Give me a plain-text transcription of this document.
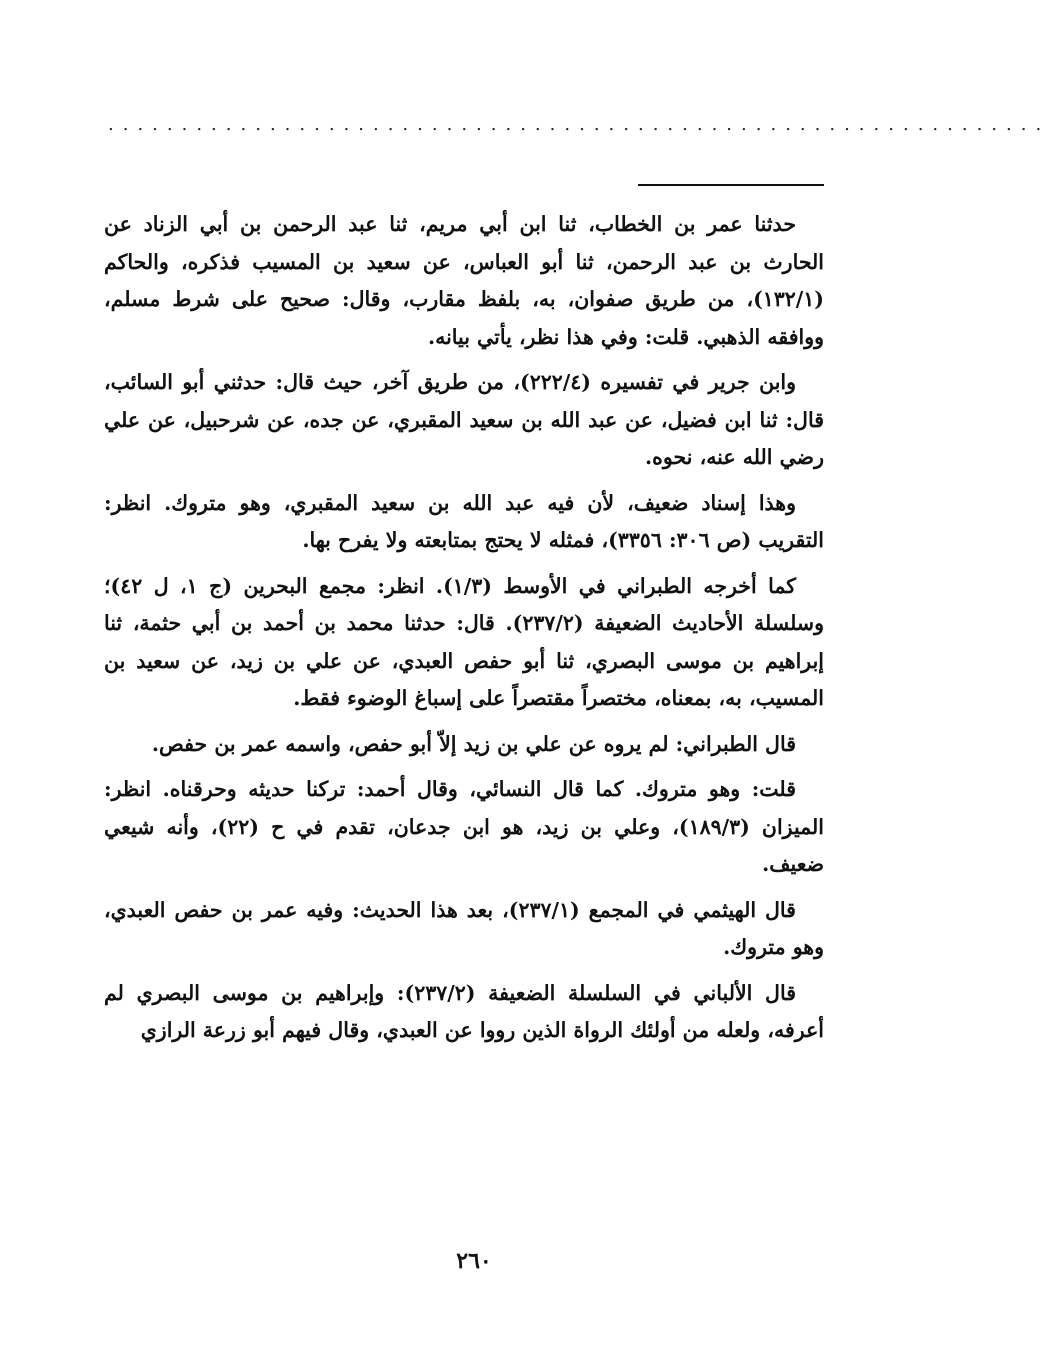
................................................................

حدثنا عمر بن الخطاب، ثنا ابن أبي مريم، ثنا عبد الرحمن بن أبي الزناد عن الحارث بن عبد الرحمن، ثنا أبو العباس، عن سعيد بن المسيب فذكره، والحاكم (١٣٢/١)، من طريق صفوان، به، بلفظ مقارب، وقال: صحيح على شرط مسلم، ووافقه الذهبي. قلت: وفي هذا نظر، يأتي بيانه.

وابن جرير في تفسيره (٢٢٢/٤)، من طريق آخر، حيث قال: حدثني أبو السائب، قال: ثنا ابن فضيل، عن عبد الله بن سعيد المقبري، عن جده، عن شرحبيل، عن علي رضي الله عنه، نحوه.

وهذا إسناد ضعيف، لأن فيه عبد الله بن سعيد المقبري، وهو متروك. انظر: التقريب (ص ٣٠٦: ٣٣٥٦)، فمثله لا يحتج بمتابعته ولا يفرح بها.

كما أخرجه الطبراني في الأوسط (١/٣). انظر: مجمع البحرين (ج ١، ل ٤٢)؛ وسلسلة الأحاديث الضعيفة (٢٣٧/٢). قال: حدثنا محمد بن أحمد بن أبي حثمة، ثنا إبراهيم بن موسى البصري، ثنا أبو حفص العبدي، عن علي بن زيد، عن سعيد بن المسيب، به، بمعناه، مختصراً مقتصراً على إسباغ الوضوء فقط.

قال الطبراني: لم يروه عن علي بن زيد إلاّ أبو حفص، واسمه عمر بن حفص.

قلت: وهو متروك. كما قال النسائي، وقال أحمد: تركنا حديثه وحرقناه. انظر: الميزان (١٨٩/٣)، وعلي بن زيد، هو ابن جدعان، تقدم في ح (٢٢)، وأنه شيعي ضعيف.

قال الهيثمي في المجمع (٢٣٧/١)، بعد هذا الحديث: وفيه عمر بن حفص العبدي، وهو متروك.

قال الألباني في السلسلة الضعيفة (٢٣٧/٢): وإبراهيم بن موسى البصري لم أعرفه، ولعله من أولئك الرواة الذين رووا عن العبدي، وقال فيهم أبو زرعة الرازي

٢٦٠
